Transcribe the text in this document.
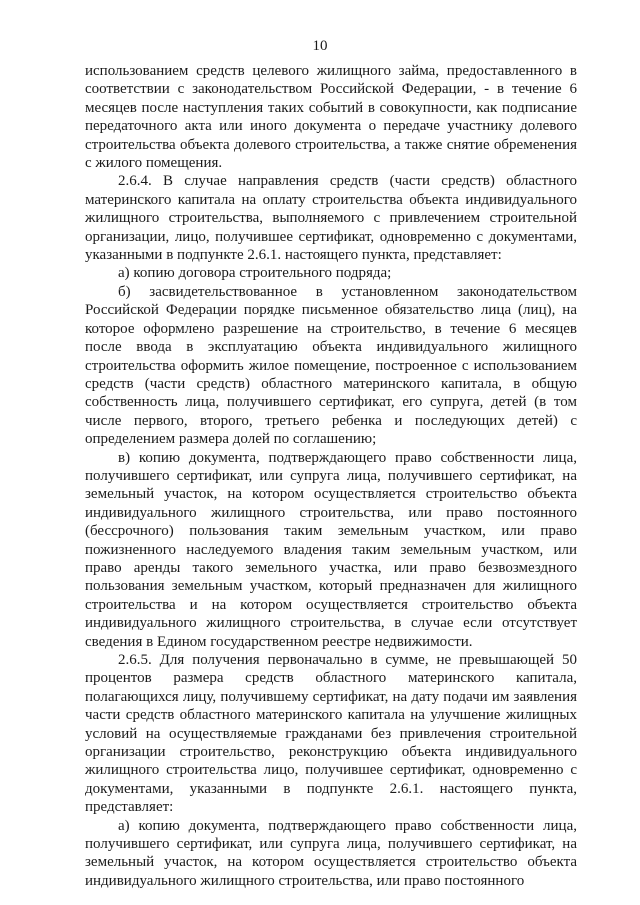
10

использованием средств целевого жилищного займа, предоставленного в соответствии с законодательством Российской Федерации, - в течение 6 месяцев после наступления таких событий в совокупности, как подписание передаточного акта или иного документа о передаче участнику долевого строительства объекта долевого строительства, а также снятие обременения с жилого помещения.

2.6.4. В случае направления средств (части средств) областного материнского капитала на оплату строительства объекта индивидуального жилищного строительства, выполняемого с привлечением строительной организации, лицо, получившее сертификат, одновременно с документами, указанными в подпункте 2.6.1. настоящего пункта, представляет:

а) копию договора строительного подряда;

б) засвидетельствованное в установленном законодательством Российской Федерации порядке письменное обязательство лица (лиц), на которое оформлено разрешение на строительство, в течение 6 месяцев после ввода в эксплуатацию объекта индивидуального жилищного строительства оформить жилое помещение, построенное с использованием средств (части средств) областного материнского капитала, в общую собственность лица, получившего сертификат, его супруга, детей (в том числе первого, второго, третьего ребенка и последующих детей) с определением размера долей по соглашению;

в) копию документа, подтверждающего право собственности лица, получившего сертификат, или супруга лица, получившего сертификат, на земельный участок, на котором осуществляется строительство объекта индивидуального жилищного строительства, или право постоянного (бессрочного) пользования таким земельным участком, или право пожизненного наследуемого владения таким земельным участком, или право аренды такого земельного участка, или право безвозмездного пользования земельным участком, который предназначен для жилищного строительства и на котором осуществляется строительство объекта индивидуального жилищного строительства, в случае если отсутствует сведения в Едином государственном реестре недвижимости.

2.6.5. Для получения первоначально в сумме, не превышающей 50 процентов размера средств областного материнского капитала, полагающихся лицу, получившему сертификат, на дату подачи им заявления части средств областного материнского капитала на улучшение жилищных условий на осуществляемые гражданами без привлечения строительной организации строительство, реконструкцию объекта индивидуального жилищного строительства лицо, получившее сертификат, одновременно с документами, указанными в подпункте 2.6.1. настоящего пункта, представляет:

а) копию документа, подтверждающего право собственности лица, получившего сертификат, или супруга лица, получившего сертификат, на земельный участок, на котором осуществляется строительство объекта индивидуального жилищного строительства, или право постоянного
